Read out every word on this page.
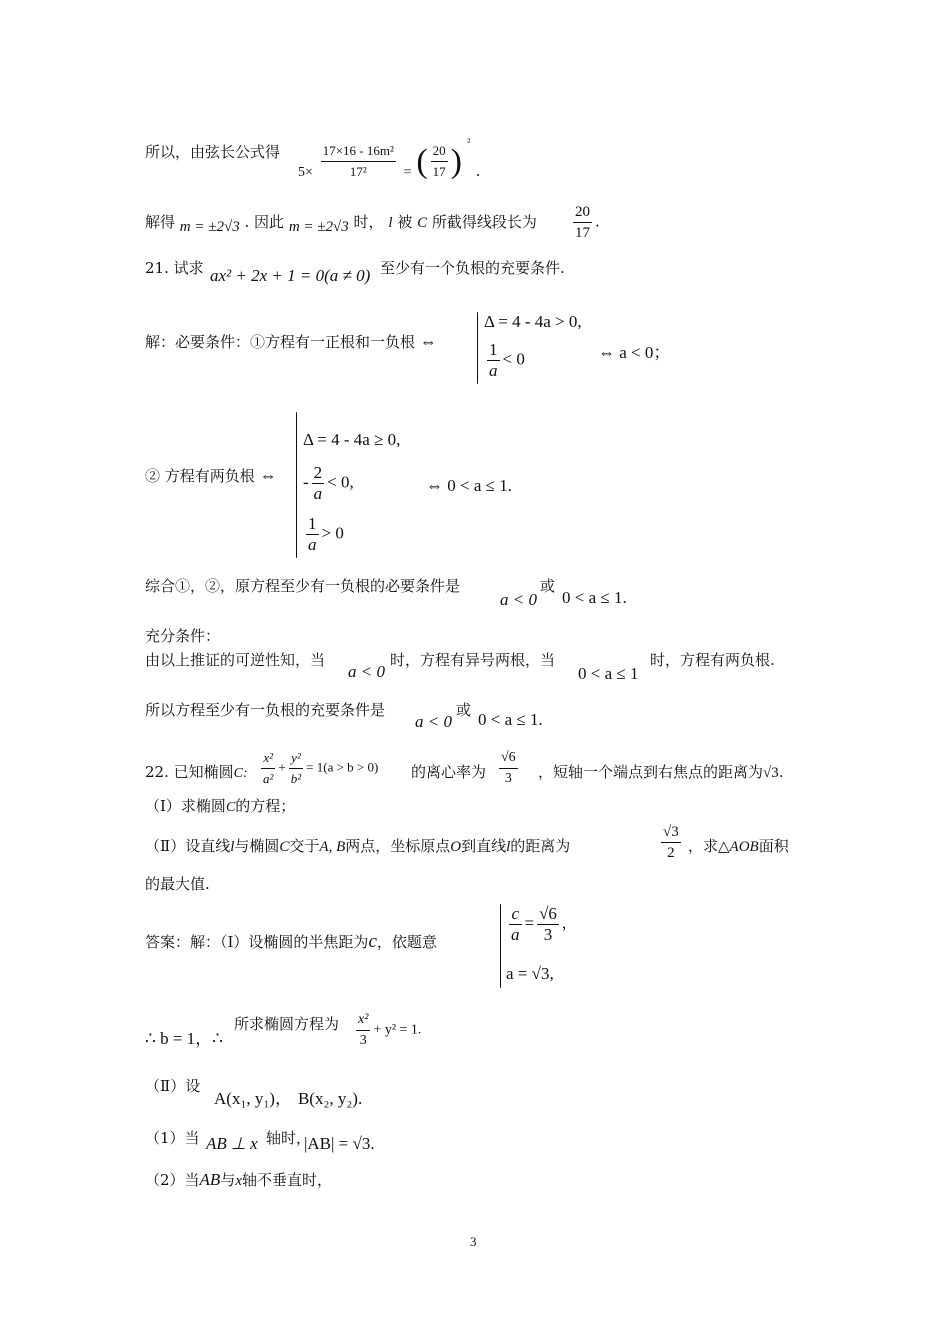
所以，由弦长公式得
$5\times \frac{\text{17×16 - 16m²}}{\text{17²}}$ = ( $\frac{20}{17}$ ) $^{^2}$ .
解得 m = ±2√3 . 因此 m = ±2√3 时， l 被 C 所截得线段长为 $\frac{20}{17}$ .
21. 试求 ax² + 2x + 1 = 0(a ≠ 0) 至少有一个负根的充要条件.
解：必要条件：①方程有一正根和一负根 ⇔
Δ = 4 - 4a > 0,
$\frac{1}{a} < 0$	⇔ a < 0；
② 方程有两负根 ⇔
Δ = 4 - 4a ≥ 0,
- $\frac{2}{a} < 0$,
$\frac{1}{a} > 0$
⇔ 0 < a ≤ 1.
综合①，②，原方程至少有一负根的必要条件是
a < 0
或
0 < a ≤ 1.
充分条件：
由以上推证的可逆性知，当
a < 0
时，方程有异号两根，当
0 < a ≤ 1
时，方程有两负根.
所以方程至少有一负根的充要条件是
a < 0
或 0 < a ≤ 1.
22. 已知椭圆C: $\frac{\text{x²}}{\text{a²}} + \frac{\text{y²}}{\text{b²}} = 1(a > b > 0)$ 的离心率为 $\frac{√6}{3}$ ，短轴一个端点到右焦点的距离为√3.
（Ⅰ）求椭圆C的方程；
（Ⅱ）设直线l与椭圆C交于A, B两点，坐标原点O到直线l的距离为	$\frac{√3}{2}$ ，求△AOB面积
的最大值.
答案：解：（Ⅰ）设椭圆的半焦距为c，依题意	$\frac{c}{a} = \frac{√6}{3}$ ,
a = √3,
∴ b = 1，∴
所求椭圆方程为 $\frac{\text{x²}}{3} + y^2 = 1$.
（Ⅱ）设
A(x₁, y₁)， B(x₂, y₂).
（1）当 AB ⊥ x 轴时，
|AB| = √3.
（2）当AB与x轴不垂直时，
3
